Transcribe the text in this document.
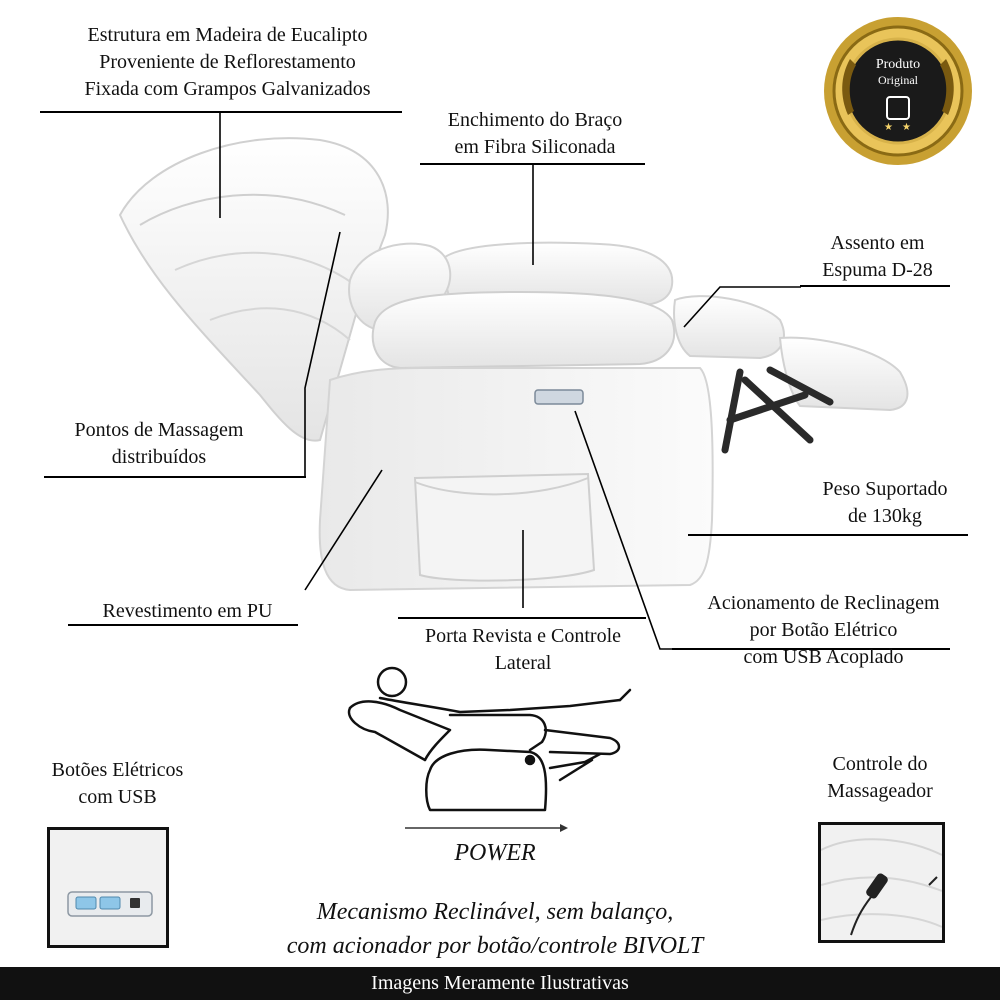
Estrutura em Madeira de Eucalipto
Proveniente de Reflorestamento
Fixada com Grampos Galvanizados
Enchimento do Braço
em Fibra Siliconada
Assento em
Espuma D-28
Pontos de Massagem
distribuídos
Peso Suportado
de 130kg
Revestimento em PU
Porta Revista e Controle
Lateral
Acionamento de Reclinagem
por Botão Elétrico
com USB Acoplado
Botões Elétricos
com USB
Controle do
Massageador
★ ★
Produto
Original
POWER
Mecanismo Reclinável, sem balanço,
com acionador por botão/controle BIVOLT
Imagens Meramente Ilustrativas
